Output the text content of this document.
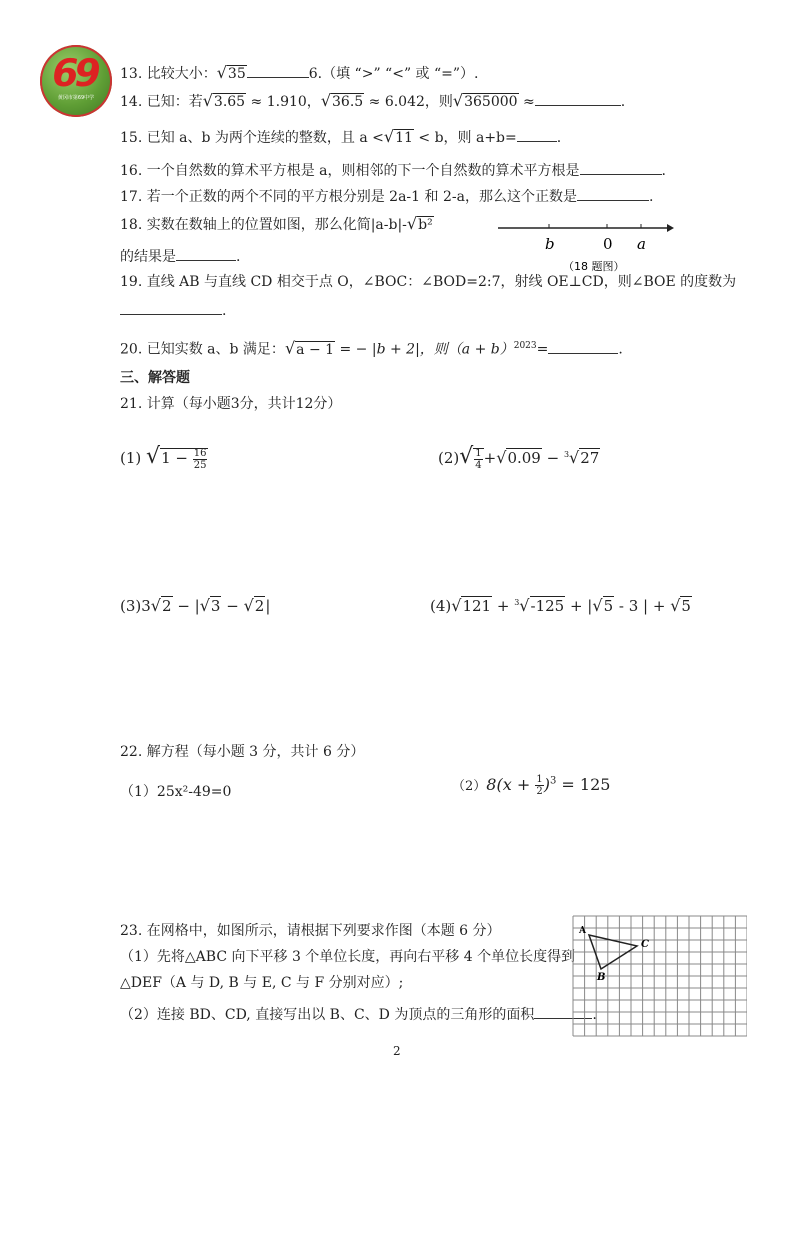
69
黄冈市第69中学
13. 比较大小：√35	6.（填 “>” “<” 或 “=”）.
14. 已知：若√3.65 ≈ 1.910，√36.5 ≈ 6.042，则√365000 ≈	.
15. 已知 a、b 为两个连续的整数，且 a <√11 < b，则 a+b=	.
16. 一个自然数的算术平方根是 a，则相邻的下一个自然数的算术平方根是	.
17. 若一个正数的两个不同的平方根分别是 2a-1 和 2-a，那么这个正数是	.
18. 实数在数轴上的位置如图，那么化简|a-b|-√b²
的结果是	.
b	0 a
（18 题图）
19. 直线 AB 与直线 CD 相交于点 O，∠BOC：∠BOD=2:7，射线 OE⊥CD，则∠BOE 的度数为
.
20. 已知实数 a、b 满足：√a − 1 = − |b + 2|，则$(a + b)^{2023}=$	.
三、解答题
21. 计算（每小题3分，共计12分）
(1) $√1 - \frac{16}{25}$	$(2)√ \frac{1}{4} +√0.09 - ^3√27$
(3)3√2 − |√3 − √2|	(4)√121 + $^3$√-125 + |√5 - 3 | + √5
22. 解方程（每小题 3 分，共计 6 分）
（1）25x²-49=0	$(2)8(x + \frac{1}{2} )^3 = 125$
23. 在网格中，如图所示，请根据下列要求作图（本题 6 分）
（1）先将△ABC 向下平移 3 个单位长度，再向右平移 4 个单位长度得到
△DEF（A 与 D, B 与 E, C 与 F 分别对应）;
（2）连接 BD、CD, 直接写出以 B、C、D 为顶点的三角形的面积	.
A
C
B
2
